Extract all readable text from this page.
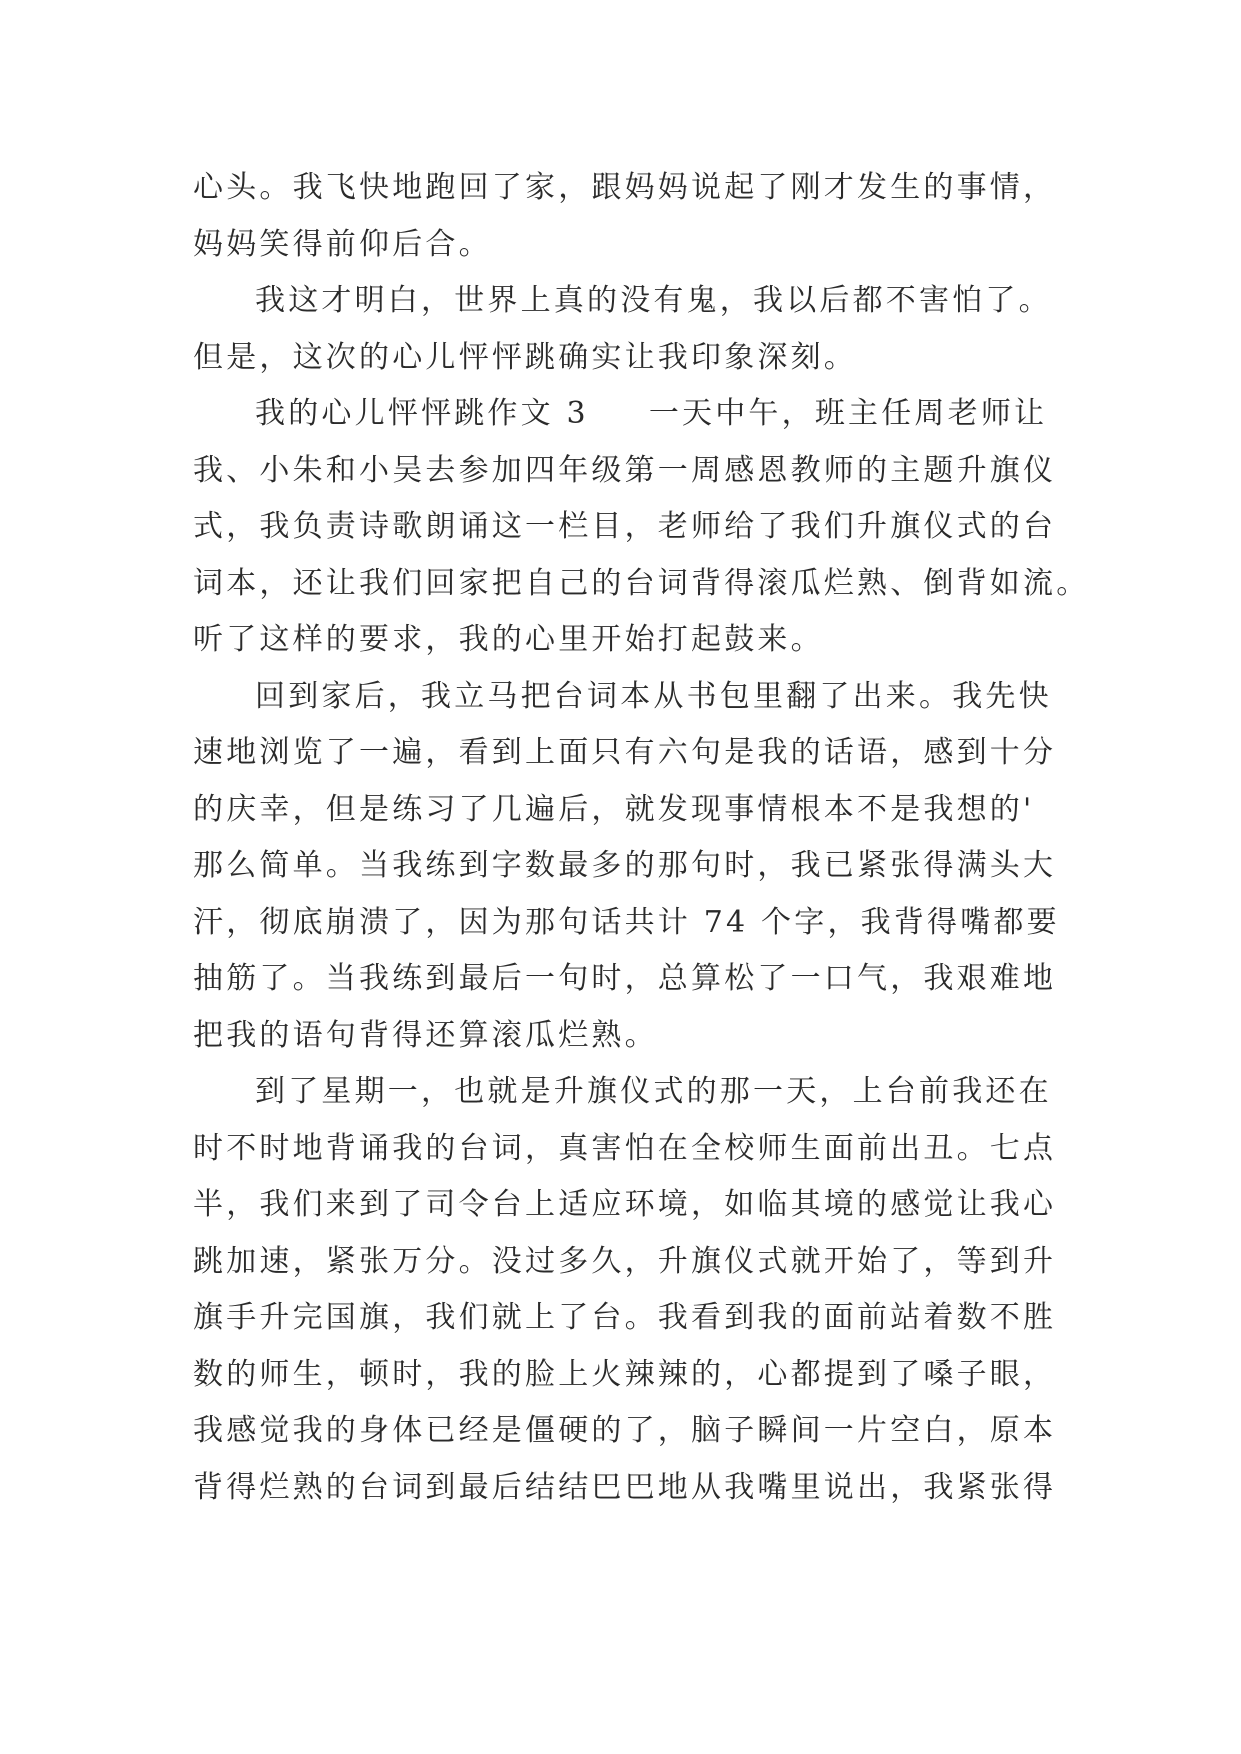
心头。我飞快地跑回了家，跟妈妈说起了刚才发生的事情，
妈妈笑得前仰后合。
我这才明白，世界上真的没有鬼，我以后都不害怕了。
但是，这次的心儿怦怦跳确实让我印象深刻。
我的心儿怦怦跳作文 3 一天中午，班主任周老师让
我、小朱和小吴去参加四年级第一周感恩教师的主题升旗仪
式，我负责诗歌朗诵这一栏目，老师给了我们升旗仪式的台
词本，还让我们回家把自己的台词背得滚瓜烂熟、倒背如流。
听了这样的要求，我的心里开始打起鼓来。
回到家后，我立马把台词本从书包里翻了出来。我先快
速地浏览了一遍，看到上面只有六句是我的话语，感到十分
的庆幸，但是练习了几遍后，就发现事情根本不是我想的'
那么简单。当我练到字数最多的那句时，我已紧张得满头大
汗，彻底崩溃了，因为那句话共计 74 个字，我背得嘴都要
抽筋了。当我练到最后一句时，总算松了一口气，我艰难地
把我的语句背得还算滚瓜烂熟。
到了星期一，也就是升旗仪式的那一天，上台前我还在
时不时地背诵我的台词，真害怕在全校师生面前出丑。七点
半，我们来到了司令台上适应环境，如临其境的感觉让我心
跳加速，紧张万分。没过多久，升旗仪式就开始了，等到升
旗手升完国旗，我们就上了台。我看到我的面前站着数不胜
数的师生，顿时，我的脸上火辣辣的，心都提到了嗓子眼，
我感觉我的身体已经是僵硬的了，脑子瞬间一片空白，原本
背得烂熟的台词到最后结结巴巴地从我嘴里说出，我紧张得
